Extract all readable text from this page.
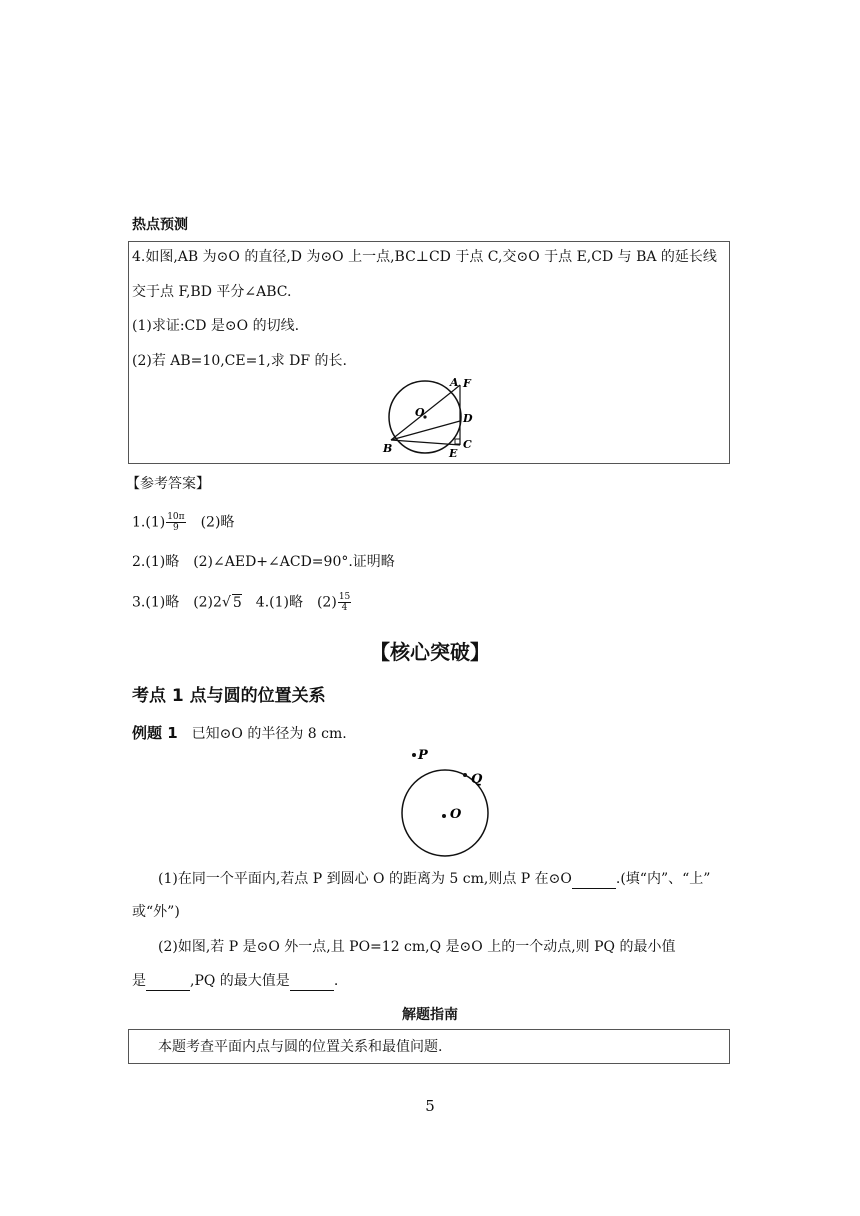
热点预测
4.如图,AB 为⊙O 的直径,D 为⊙O 上一点,BC⊥CD 于点 C,交⊙O 于点 E,CD 与 BA 的延长线
交于点 F,BD 平分∠ABC.
(1)求证:CD 是⊙O 的切线.
(2)若 AB=10,CE=1,求 DF 的长.
A F
O	D
B	E
C
【参考答案】
$1.(1) \frac{10\pi}{9}$
　 (2)略
2.(1)略　(2)∠AED+∠ACD=90°.证明略
3.(1)略　(2)2√ 5　 4.(1)略　$(2) \frac{15}{4}$
【核心突破】
考点 1 点与圆的位置关系
例题 1　 已知⊙O 的半径为 8 cm.
P
Q
O
(1)在同一个平面内,若点 P 到圆心 O 的距离为 5 cm,则点 P 在⊙O	.(填“内”、“上”
或“外”)
(2)如图,若 P 是⊙O 外一点,且 PO=12 cm,Q 是⊙O 上的一个动点,则 PQ 的最小值
是	,PQ 的最大值是	.
解题指南
本题考查平面内点与圆的位置关系和最值问题.
5
